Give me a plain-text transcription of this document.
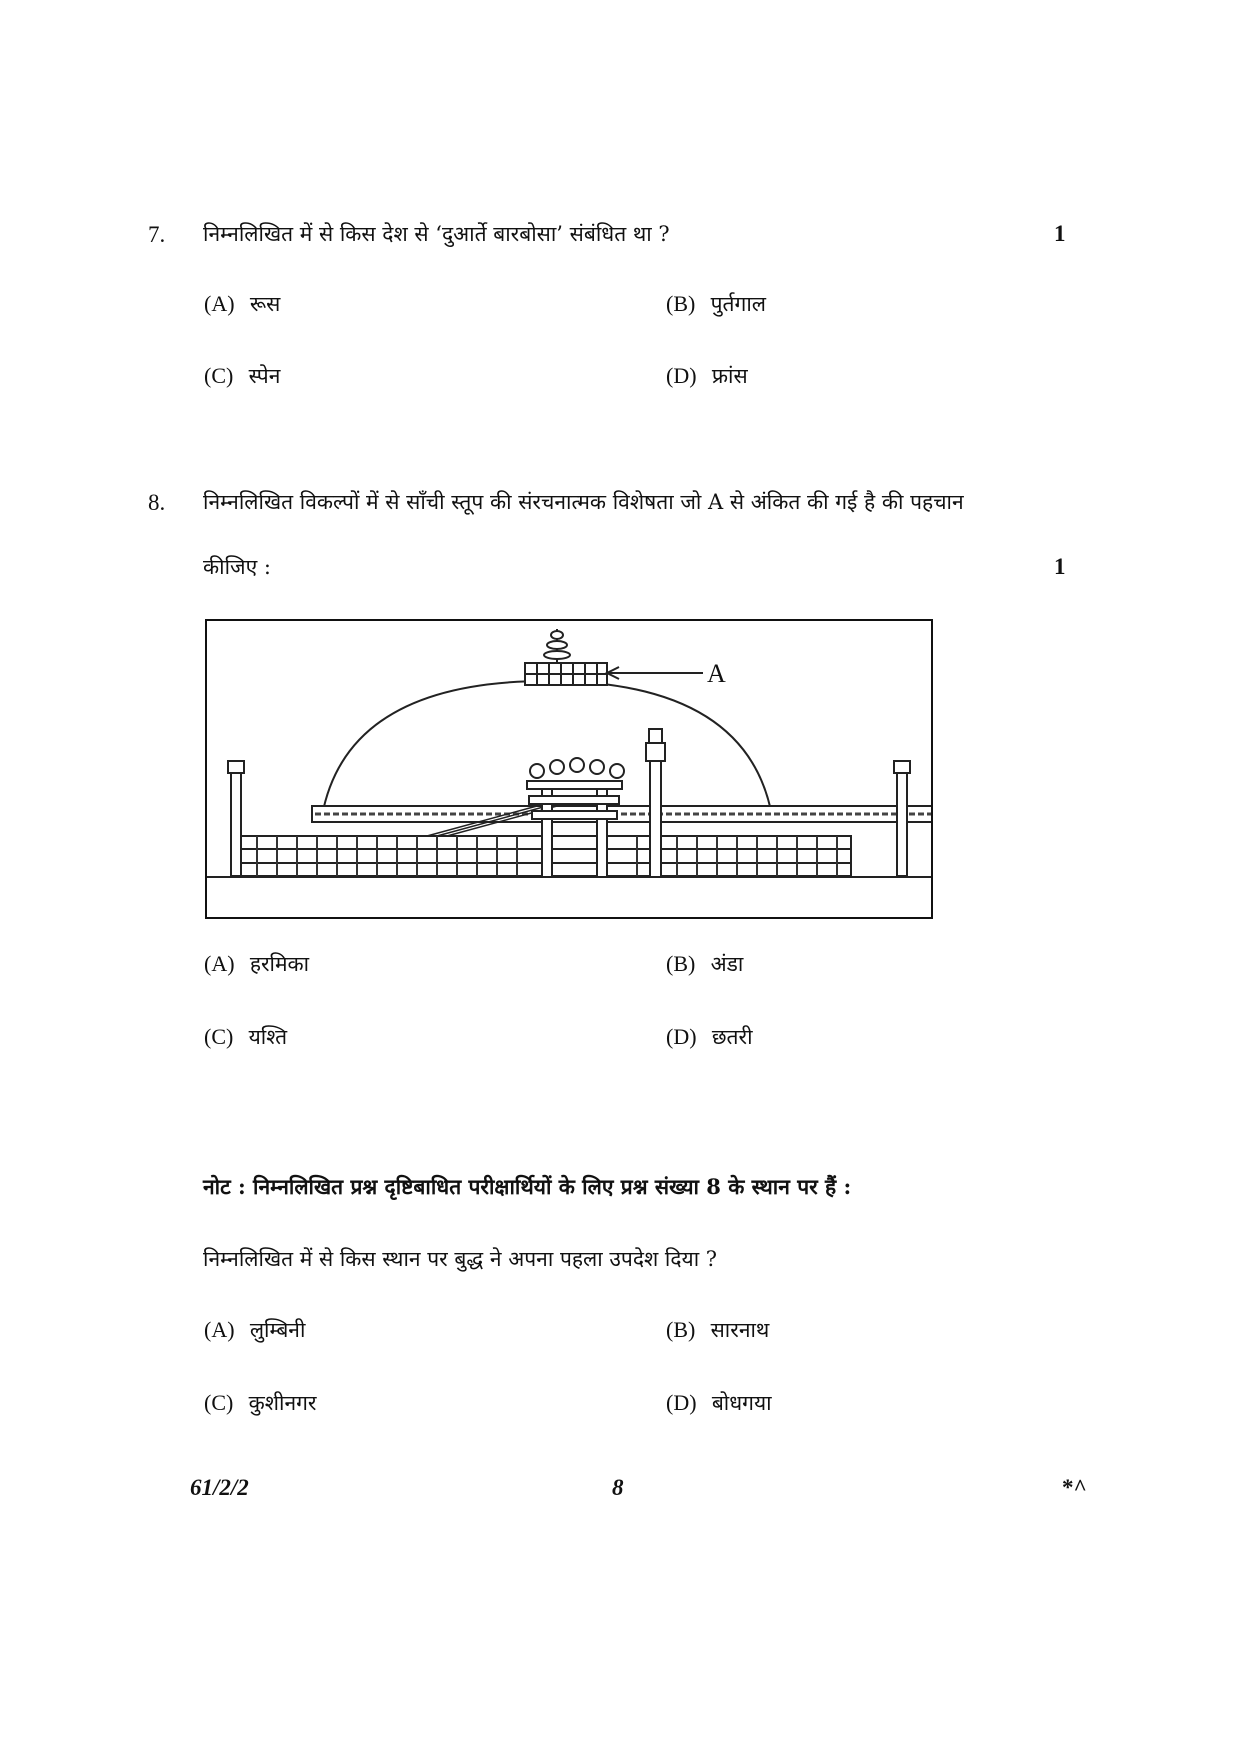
7. निम्नलिखित में से किस देश से ‘दुआर्ते बारबोसा’ संबंधित था ?	1
(A) रूस	(B) पुर्तगाल
(C) स्पेन	(D) फ्रांस
8. निम्नलिखित विकल्पों में से साँची स्तूप की संरचनात्मक विशेषता जो A से अंकित की गई है की पहचान
कीजिए :	1
A
(A) हरमिका	(B) अंडा
(C) यश्ति	(D) छतरी
नोट : निम्नलिखित प्रश्न दृष्टिबाधित परीक्षार्थियों के लिए प्रश्न संख्या 8 के स्थान पर हैं :
निम्नलिखित में से किस स्थान पर बुद्ध ने अपना पहला उपदेश दिया ?
(A) लुम्बिनी	(B) सारनाथ
(C) कुशीनगर	(D) बोधगया
61/2/2	8	*^
